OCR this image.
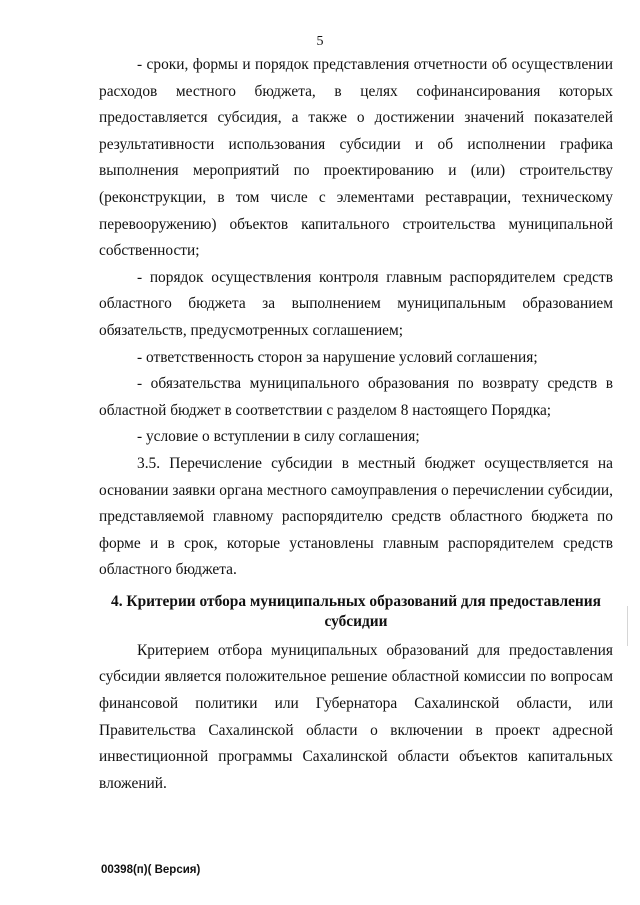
5

- сроки, формы и порядок представления отчетности об осуществлении расходов местного бюджета, в целях софинансирования которых предоставляется субсидия, а также о достижении значений показателей результативности использования субсидии и об исполнении графика выполнения мероприятий по проектированию и (или) строительству (реконструкции, в том числе с элементами реставрации, техническому перевооружению) объектов капитального строительства муниципальной собственности;

- порядок осуществления контроля главным распорядителем средств областного бюджета за выполнением муниципальным образованием обязательств, предусмотренных соглашением;

- ответственность сторон за нарушение условий соглашения;

- обязательства муниципального образования по возврату средств в областной бюджет в соответствии с разделом 8 настоящего Порядка;

- условие о вступлении в силу соглашения;

3.5. Перечисление субсидии в местный бюджет осуществляется на основании заявки органа местного самоуправления о перечислении субсидии, представляемой главному распорядителю средств областного бюджета по форме и в срок, которые установлены главным распорядителем средств областного бюджета.

4. Критерии отбора муниципальных образований для предоставления субсидии

Критерием отбора муниципальных образований для предоставления субсидии является положительное решение областной комиссии по вопросам финансовой политики или Губернатора Сахалинской области, или Правительства Сахалинской области о включении в проект адресной инвестиционной программы Сахалинской области объектов капитальных вложений.

00398(п)( Версия)
